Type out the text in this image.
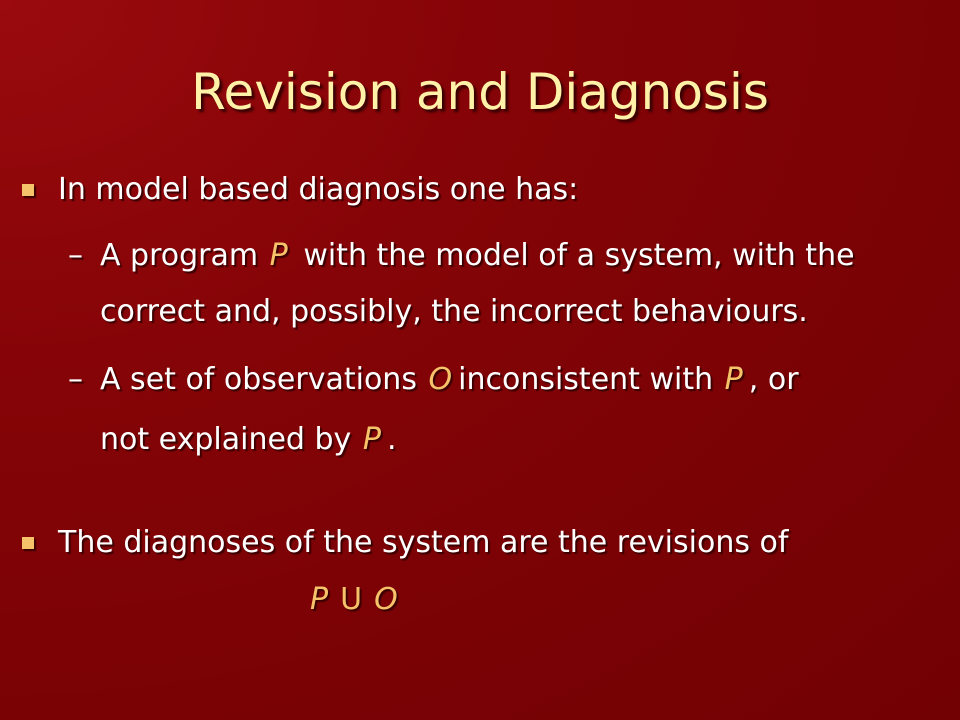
Revision and Diagnosis
In model based diagnosis one has:
– A program P with the model of a system, with the
correct and, possibly, the incorrect behaviours.
– A set of observations O inconsistent with P , or
not explained by P .
The diagnoses of the system are the revisions of
P U O
